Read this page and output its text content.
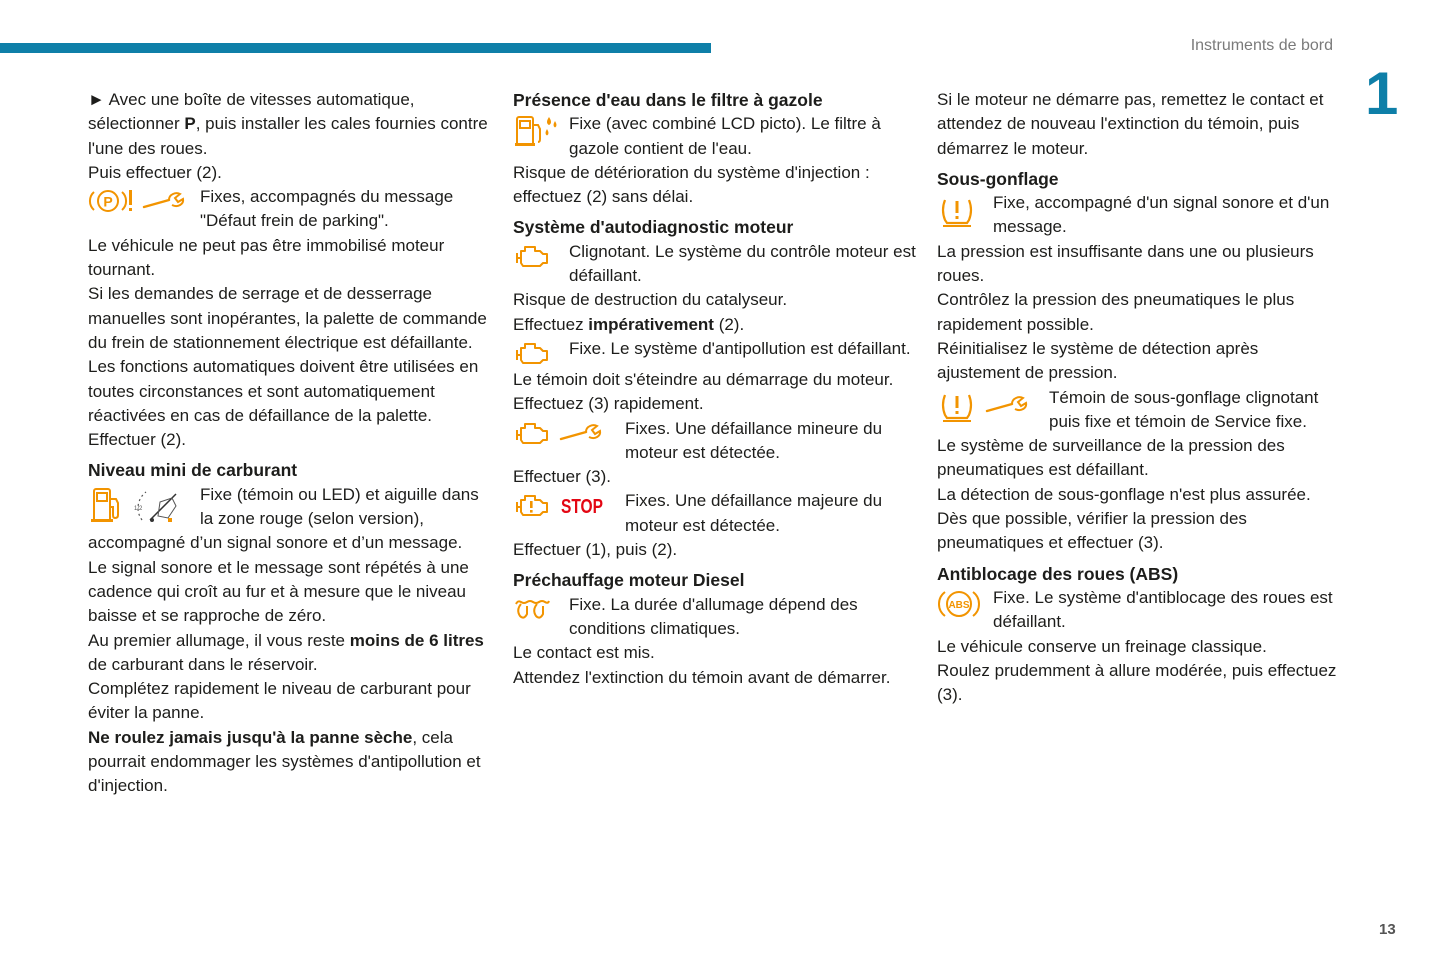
Instruments de bord
1
13

► Avec une boîte de vitesses automatique, sélectionner P, puis installer les cales fournies contre l'une des roues.

Puis effectuer (2).

P	Fixes, accompagnés du message "Défaut frein de parking".

Le véhicule ne peut pas être immobilisé moteur tournant.

Si les demandes de serrage et de desserrage manuelles sont inopérantes, la palette de commande du frein de stationnement électrique est défaillante.

Les fonctions automatiques doivent être utilisées en toutes circonstances et sont automatiquement réactivées en cas de défaillance de la palette.

Effectuer (2).

Niveau mini de carburant

1/2
Fixe (témoin ou LED) et aiguille dans la zone rouge (selon version),

accompagné d’un signal sonore et d’un message.

Le signal sonore et le message sont répétés à une cadence qui croît au fur et à mesure que le niveau baisse et se rapproche de zéro.

Au premier allumage, il vous reste moins de 6 litres de carburant dans le réservoir.

Complétez rapidement le niveau de carburant pour éviter la panne.

Ne roulez jamais jusqu'à la panne sèche, cela pourrait endommager les systèmes d'antipollution et d'injection.

Présence d'eau dans le filtre à gazole

Fixe (avec combiné LCD picto). Le filtre à gazole contient de l'eau.

Risque de détérioration du système d'injection : effectuez (2) sans délai.

Système d'autodiagnostic moteur

Clignotant. Le système du contrôle moteur est défaillant.

Risque de destruction du catalyseur.

Effectuez impérativement (2).

Fixe. Le système d'antipollution est défaillant.

Le témoin doit s'éteindre au démarrage du moteur.

Effectuez (3) rapidement.

Fixes. Une défaillance mineure du moteur est détectée.

Effectuer (3).

STOP Fixes. Une défaillance majeure du moteur est détectée.

Effectuer (1), puis (2).

Préchauffage moteur Diesel

Fixe. La durée d'allumage dépend des conditions climatiques.

Le contact est mis.

Attendez l'extinction du témoin avant de démarrer.

Si le moteur ne démarre pas, remettez le contact et attendez de nouveau l'extinction du témoin, puis démarrez le moteur.

Sous-gonflage

Fixe, accompagné d'un signal sonore et d'un message.

La pression est insuffisante dans une ou plusieurs roues.

Contrôlez la pression des pneumatiques le plus rapidement possible.

Réinitialisez le système de détection après ajustement de pression.

Témoin de sous-gonflage clignotant puis fixe et témoin de Service fixe.

Le système de surveillance de la pression des pneumatiques est défaillant.

La détection de sous-gonflage n'est plus assurée.

Dès que possible, vérifier la pression des pneumatiques et effectuer (3).

Antiblocage des roues (ABS)

ABS Fixe. Le système d'antiblocage des roues est défaillant.

Le véhicule conserve un freinage classique.

Roulez prudemment à allure modérée, puis effectuez (3).
